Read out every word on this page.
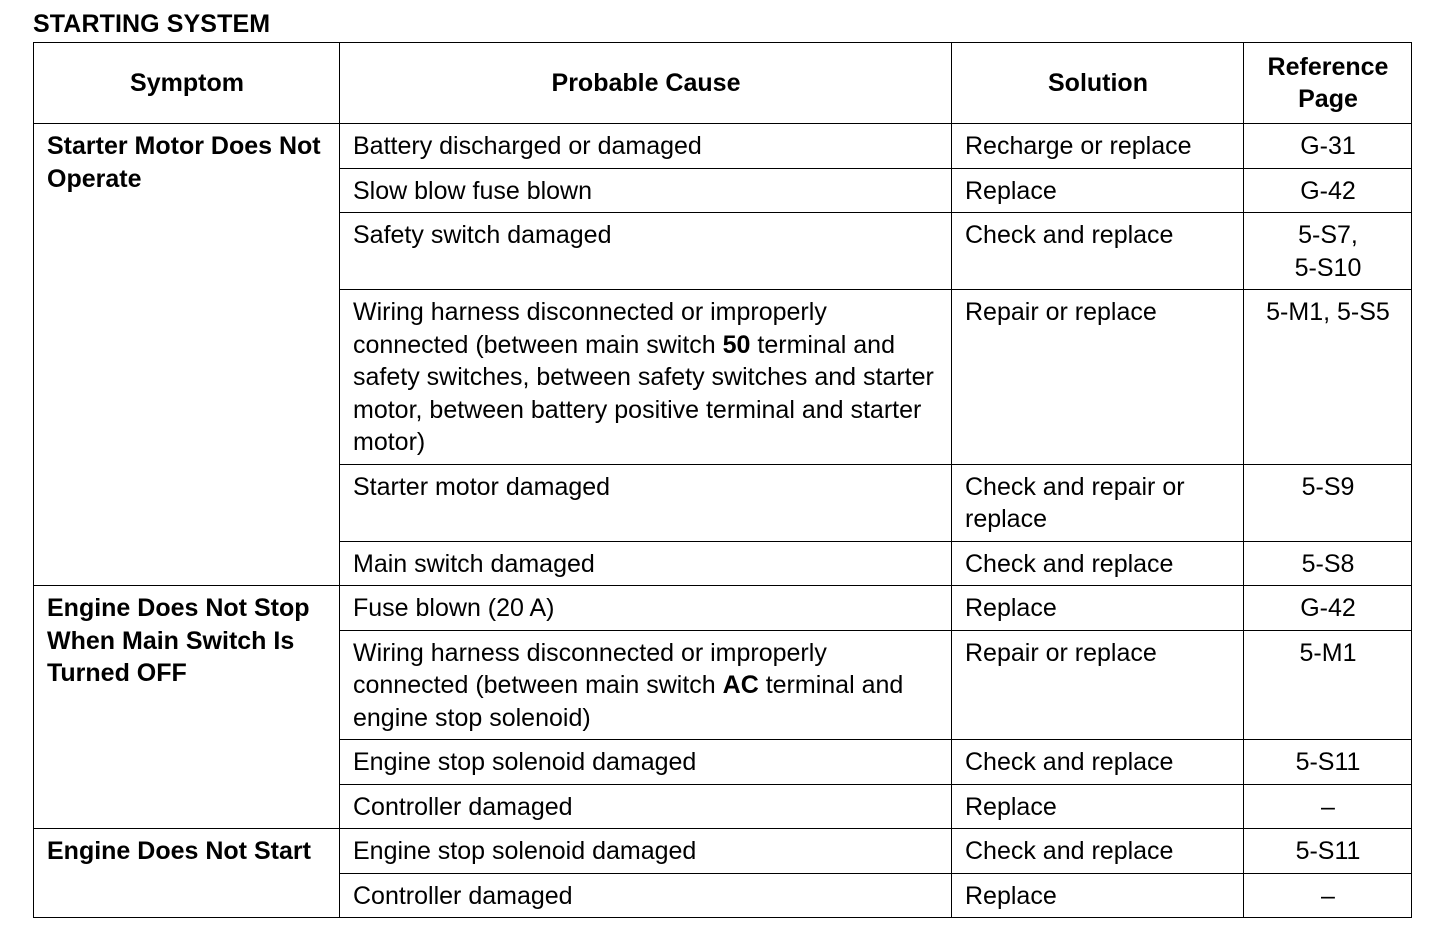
STARTING SYSTEM
Symptom	Probable Cause	Solution	Reference
Page

Starter Motor Does Not Operate	Battery discharged or damaged	Recharge or replace	G-31

	Slow blow fuse blown	Replace	G-42

	Safety switch damaged	Check and replace	5-S7,
5-S10

	Wiring harness disconnected or improperly connected (between main switch 50 terminal and safety switches, between safety switches and starter motor, between battery positive terminal and starter motor)	Repair or replace	5-M1, 5-S5

	Starter motor damaged	Check and repair or replace	5-S9

	Main switch damaged	Check and replace	5-S8

Engine Does Not Stop When Main Switch Is Turned OFF	Fuse blown (20 A)	Replace	G-42

	Wiring harness disconnected or improperly connected (between main switch AC terminal and engine stop solenoid)	Repair or replace	5-M1

	Engine stop solenoid damaged	Check and replace	5-S11

	Controller damaged	Replace	–

Engine Does Not Start	Engine stop solenoid damaged	Check and replace	5-S11

	Controller damaged	Replace	–
